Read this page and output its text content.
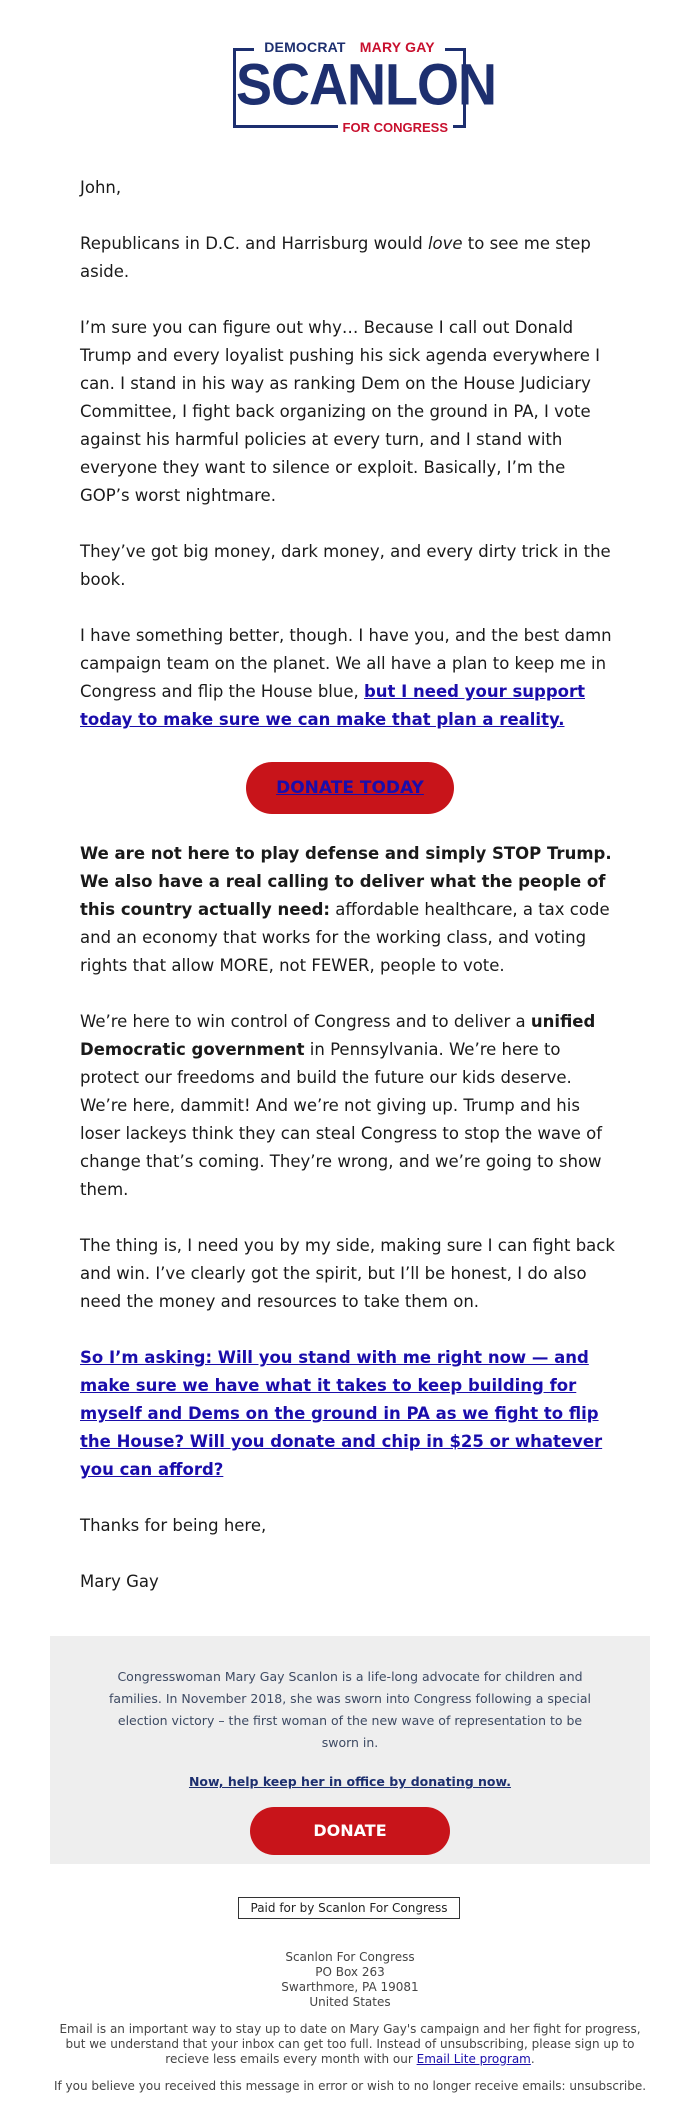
DEMOCRAT MARY GAY
SCANLON
FOR CONGRESS

John,

Republicans in D.C. and Harrisburg would love to see me step aside.

I’m sure you can figure out why… Because I call out Donald Trump and every loyalist pushing his sick agenda everywhere I can. I stand in his way as ranking Dem on the House Judiciary Committee, I fight back organizing on the ground in PA, I vote against his harmful policies at every turn, and I stand with everyone they want to silence or exploit. Basically, I’m the GOP’s worst nightmare.

They’ve got big money, dark money, and every dirty trick in the book.

I have something better, though. I have you, and the best damn campaign team on the planet. We all have a plan to keep me in Congress and flip the House blue, but I need your support today to make sure we can make that plan a reality.

DONATE TODAY

We are not here to play defense and simply STOP Trump. We also have a real calling to deliver what the people of this country actually need: affordable healthcare, a tax code and an economy that works for the working class, and voting rights that allow MORE, not FEWER, people to vote.

We’re here to win control of Congress and to deliver a unified Democratic government in Pennsylvania. We’re here to protect our freedoms and build the future our kids deserve. We’re here, dammit! And we’re not giving up. Trump and his loser lackeys think they can steal Congress to stop the wave of change that’s coming. They’re wrong, and we’re going to show them.

The thing is, I need you by my side, making sure I can fight back and win. I’ve clearly got the spirit, but I’ll be honest, I do also need the money and resources to take them on.

So I’m asking: Will you stand with me right now — and make sure we have what it takes to keep building for myself and Dems on the ground in PA as we fight to flip the House? Will you donate and chip in $25 or whatever you can afford?

Thanks for being here,

Mary Gay

Congresswoman Mary Gay Scanlon is a life-long advocate for children and families. In November 2018, she was sworn into Congress following a special election victory – the first woman of the new wave of representation to be sworn in.
Now, help keep her in office by donating now.
DONATE
Paid for by Scanlon For Congress
Scanlon For Congress
PO Box 263
Swarthmore, PA 19081
United States

Email is an important way to stay up to date on Mary Gay's campaign and her fight for progress, but we understand that your inbox can get too full. Instead of unsubscribing, please sign up to recieve less emails every month with our Email Lite program.

If you believe you received this message in error or wish to no longer receive emails: unsubscribe.
